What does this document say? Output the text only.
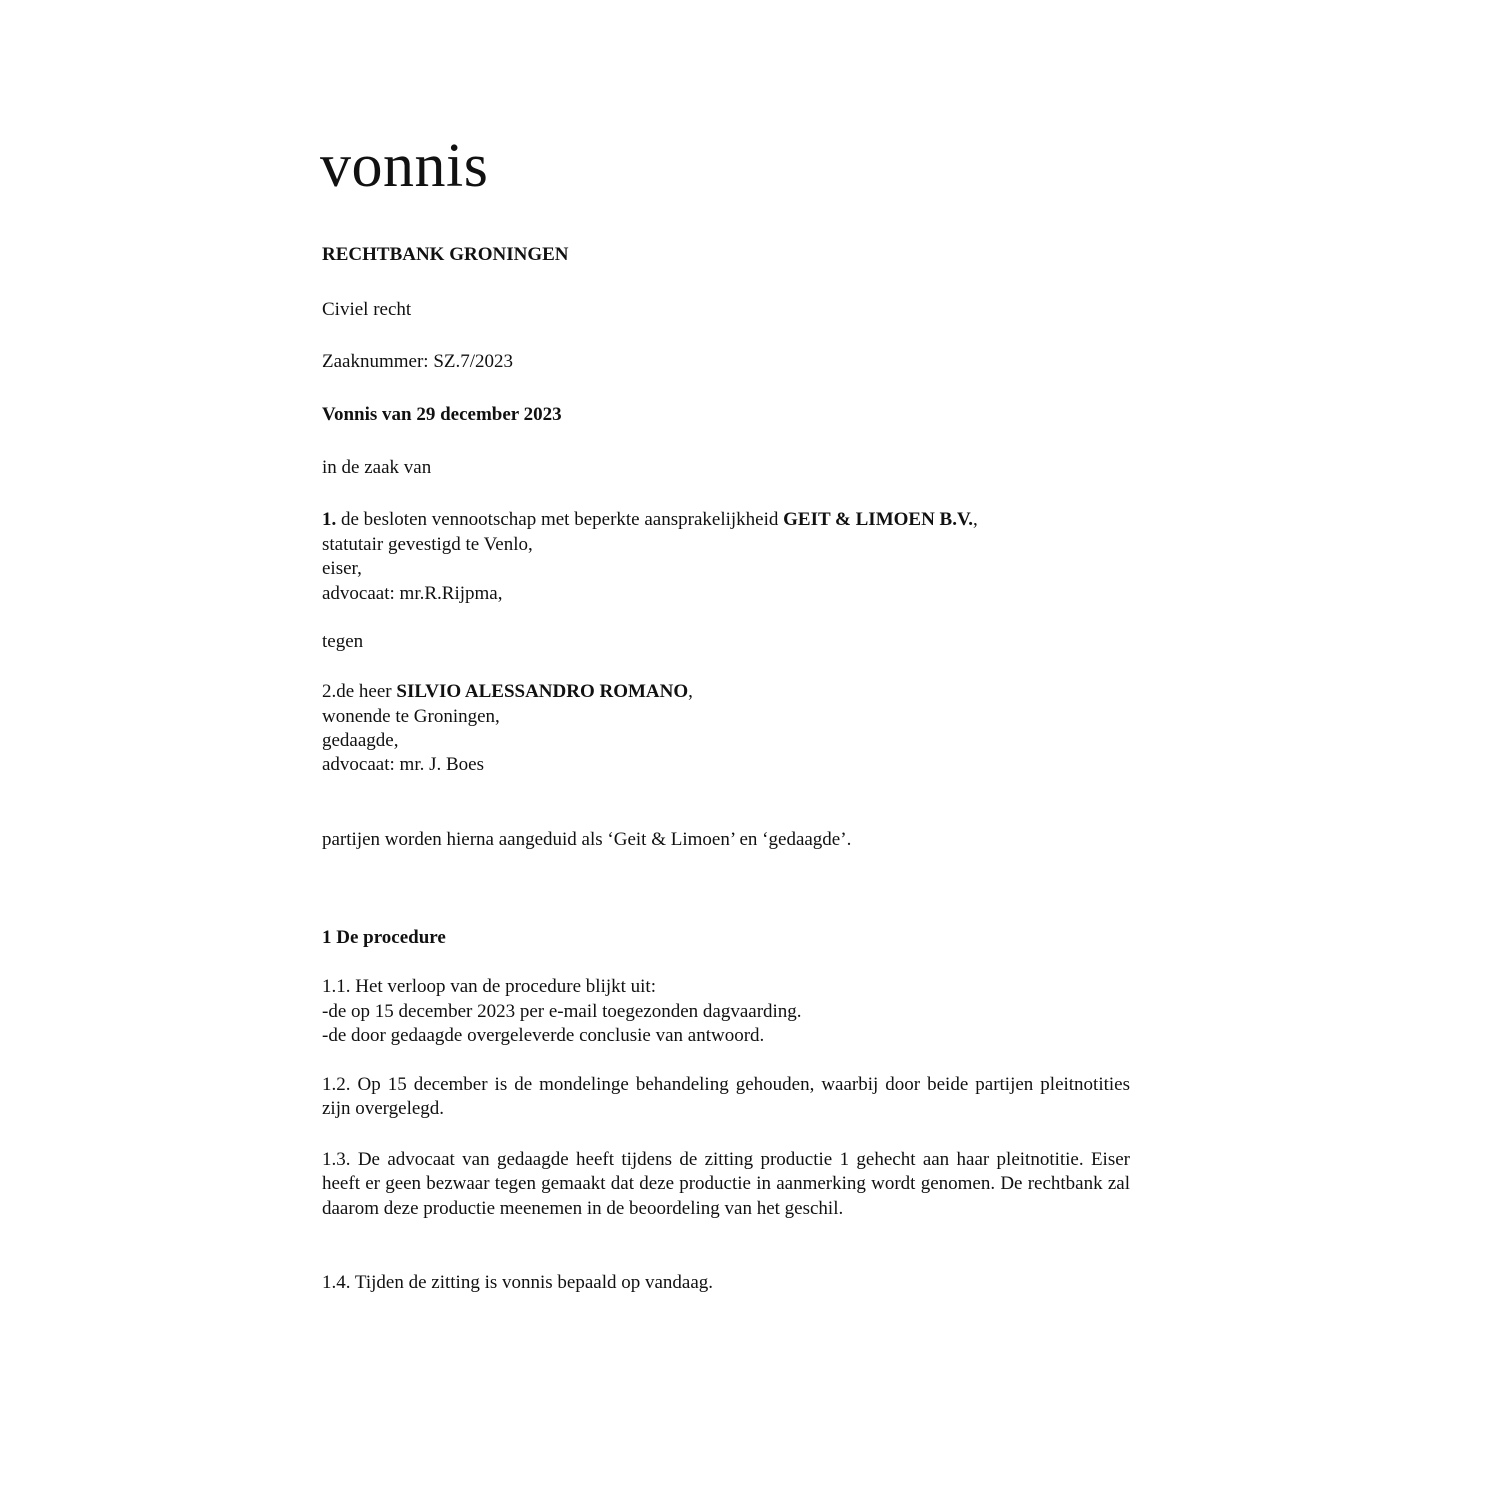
vonnis
RECHTBANK GRONINGEN
Civiel recht
Zaaknummer: SZ.7/2023
Vonnis van 29 december 2023
in de zaak van
1. de besloten vennootschap met beperkte aansprakelijkheid GEIT & LIMOEN B.V.,
statutair gevestigd te Venlo,
eiser,
advocaat: mr.R.Rijpma,
tegen
2.de heer SILVIO ALESSANDRO ROMANO,
wonende te Groningen,
gedaagde,
advocaat: mr. J. Boes
partijen worden hierna aangeduid als ‘Geit & Limoen’ en ‘gedaagde’.
1 De procedure
1.1. Het verloop van de procedure blijkt uit:
-de op 15 december 2023 per e-mail toegezonden dagvaarding.
-de door gedaagde overgeleverde conclusie van antwoord.
1.2. Op 15 december is de mondelinge behandeling gehouden, waarbij door beide partijen pleitnotities zijn overgelegd.
1.3. De advocaat van gedaagde heeft tijdens de zitting productie 1 gehecht aan haar pleitnotitie. Eiser heeft er geen bezwaar tegen gemaakt dat deze productie in aanmerking wordt genomen. De rechtbank zal daarom deze productie meenemen in de beoordeling van het geschil.
1.4. Tijden de zitting is vonnis bepaald op vandaag.
